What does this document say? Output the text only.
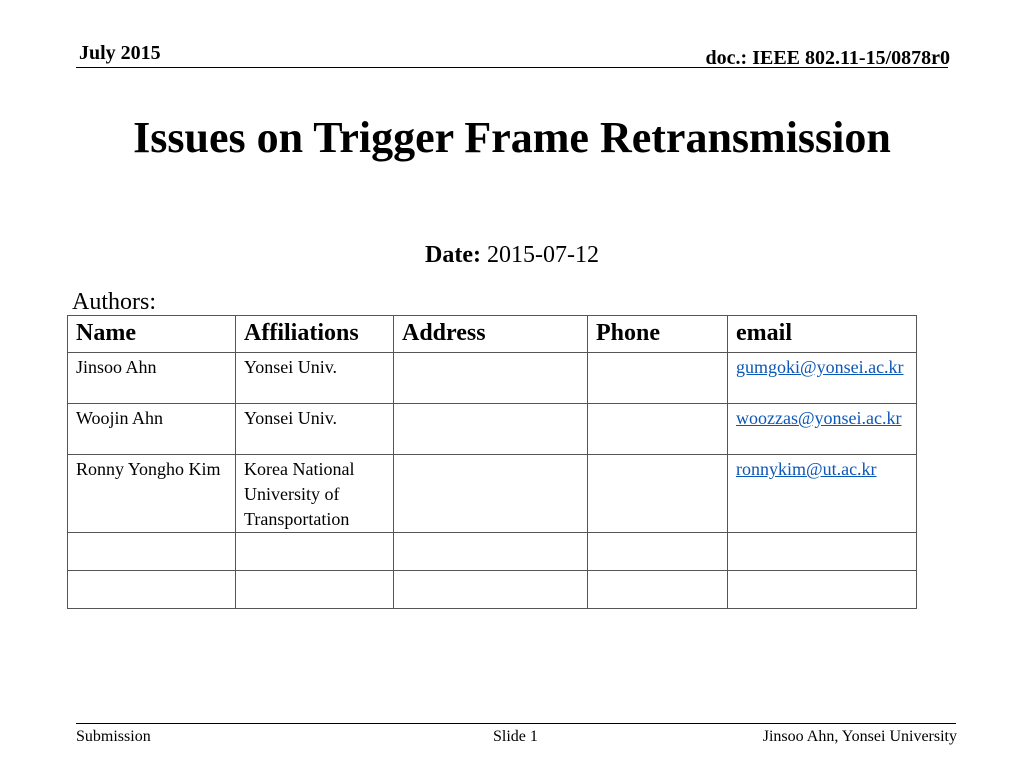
July 2015	doc.: IEEE 802.11-15/0878r0
Issues on Trigger Frame Retransmission
Date: 2015-07-12
Authors:
Name	Affiliations	Address	Phone	email
Jinsoo Ahn	Yonsei Univ.			gumgoki@yonsei.ac.kr
Woojin Ahn	Yonsei Univ.			woozzas@yonsei.ac.kr
Ronny Yongho Kim	Korea National University of Transportation			ronnykim@ut.ac.kr

Submission	Slide 1	Jinsoo Ahn, Yonsei University
